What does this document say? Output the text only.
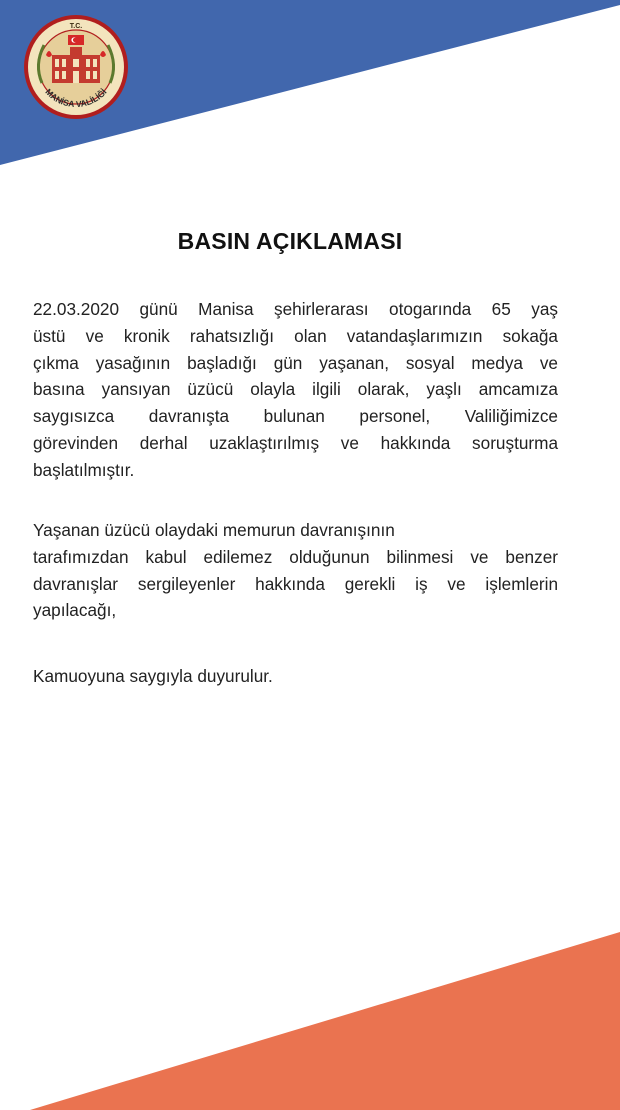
T.C.
MANİSA VALİLİĞİ
BASIN AÇIKLAMASI
22.03.2020 günü Manisa şehirlerarası otogarında 65 yaş
üstü ve kronik rahatsızlığı olan vatandaşlarımızın sokağa
çıkma yasağının başladığı gün yaşanan, sosyal medya ve
basına yansıyan üzücü olayla ilgili olarak, yaşlı amcamıza
saygısızca davranışta bulunan personel, Valiliğimizce
görevinden derhal uzaklaştırılmış ve hakkında soruşturma
başlatılmıştır.
Yaşanan üzücü olaydaki memurun davranışının
tarafımızdan kabul edilemez olduğunun bilinmesi ve benzer
davranışlar sergileyenler hakkında gerekli iş ve işlemlerin
yapılacağı,
Kamuoyuna saygıyla duyurulur.
